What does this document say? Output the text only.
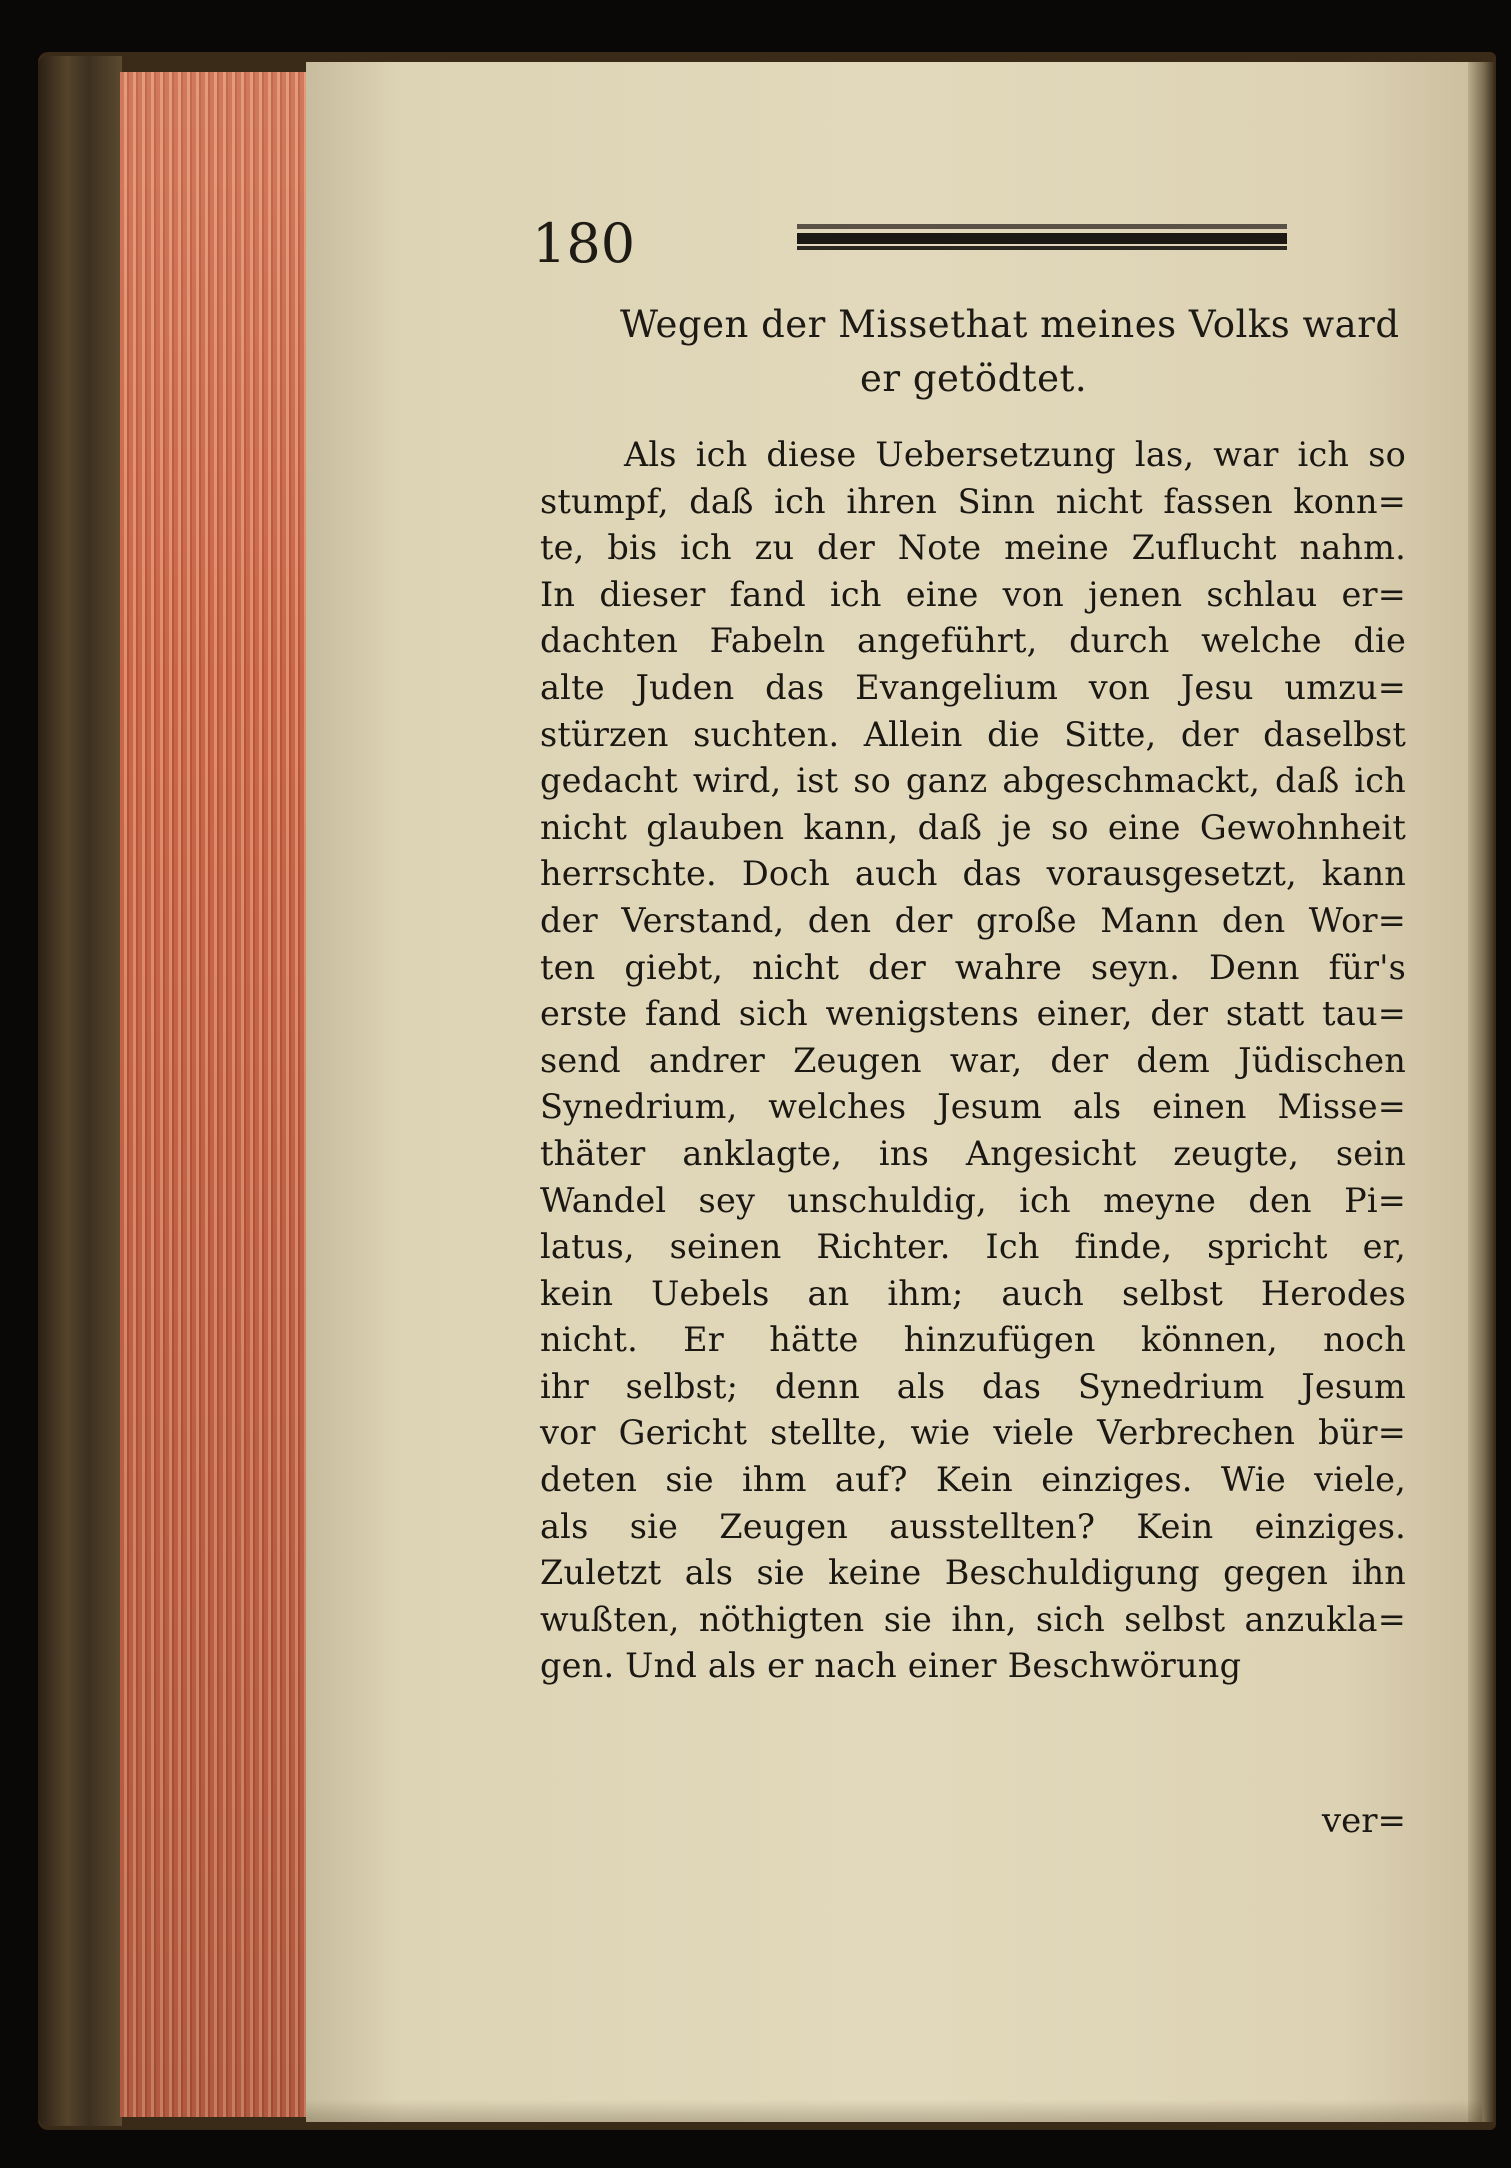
180
Wegen der Missethat meines Volks ward
er getödtet.
Als ich diese Uebersetzung las, war ich so
stumpf, daß ich ihren Sinn nicht fassen konn=
te, bis ich zu der Note meine Zuflucht nahm.
In dieser fand ich eine von jenen schlau er=
dachten Fabeln angeführt, durch welche die
alte Juden das Evangelium von Jesu umzu=
stürzen suchten. Allein die Sitte, der daselbst
gedacht wird, ist so ganz abgeschmackt, daß ich
nicht glauben kann, daß je so eine Gewohnheit
herrschte. Doch auch das vorausgesetzt, kann
der Verstand, den der große Mann den Wor=
ten giebt, nicht der wahre seyn. Denn für's
erste fand sich wenigstens einer, der statt tau=
send andrer Zeugen war, der dem Jüdischen
Synedrium, welches Jesum als einen Misse=
thäter anklagte, ins Angesicht zeugte, sein
Wandel sey unschuldig, ich meyne den Pi=
latus, seinen Richter. Ich finde, spricht er,
kein Uebels an ihm; auch selbst Herodes
nicht. Er hätte hinzufügen können, noch
ihr selbst; denn als das Synedrium Jesum
vor Gericht stellte, wie viele Verbrechen bür=
deten sie ihm auf? Kein einziges. Wie viele,
als sie Zeugen ausstellten? Kein einziges.
Zuletzt als sie keine Beschuldigung gegen ihn
wußten, nöthigten sie ihn, sich selbst anzukla=
gen. Und als er nach einer Beschwörung
ver=
